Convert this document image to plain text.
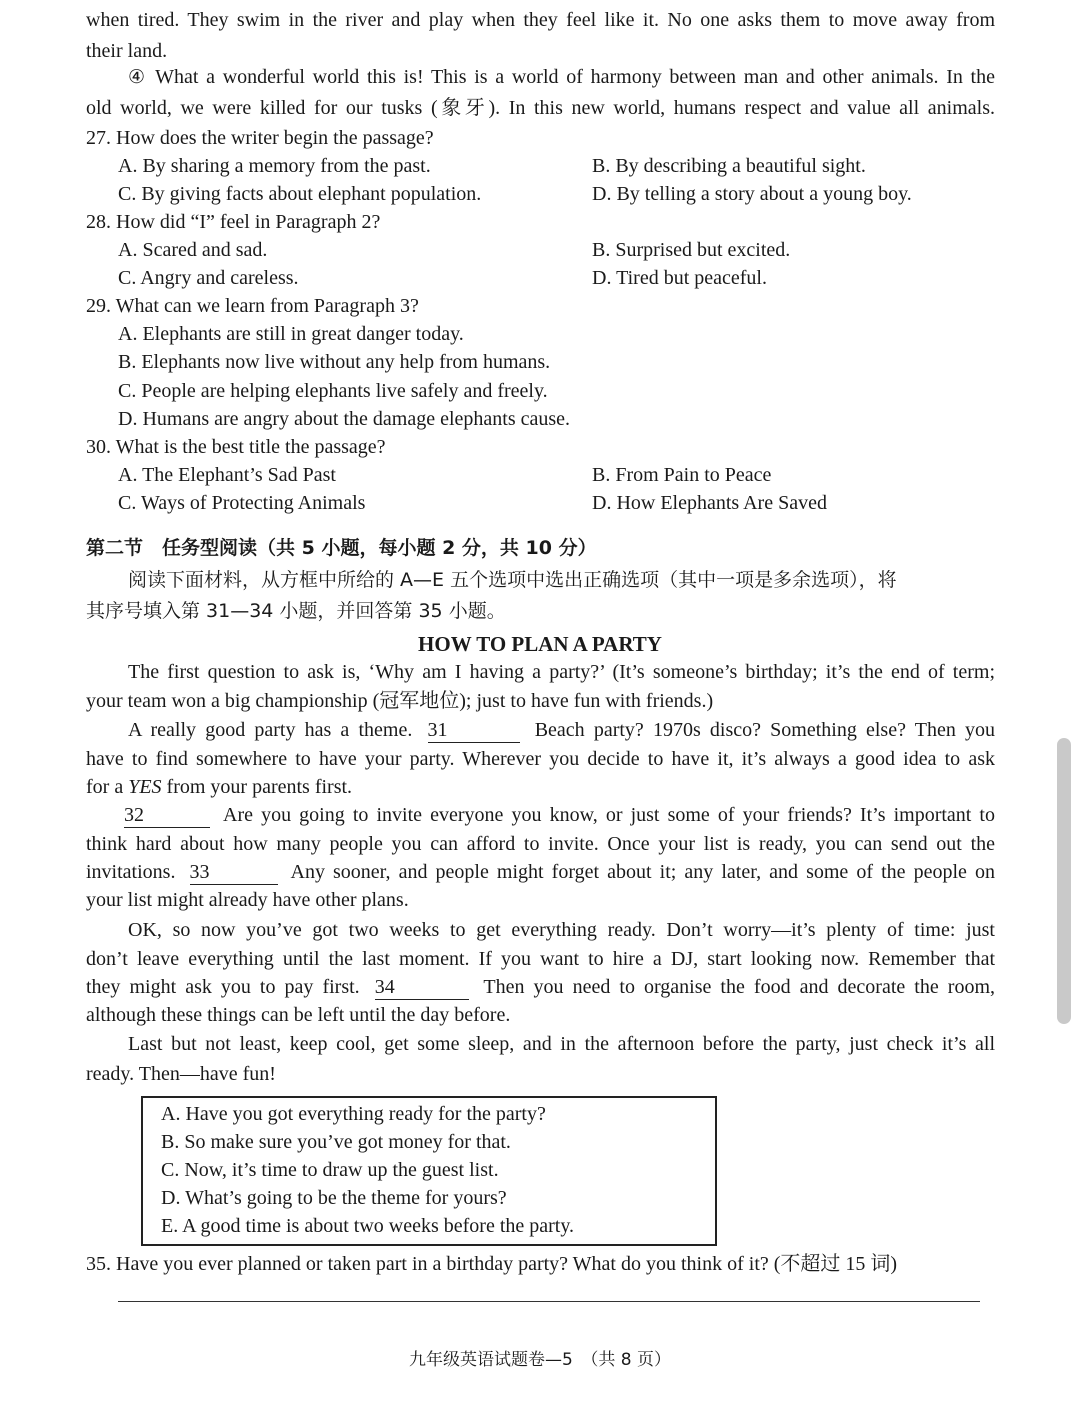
when tired. They swim in the river and play when they feel like it. No one asks them to move away from
their land.
④ What a wonderful world this is! This is a world of harmony between man and other animals. In the
old world, we were killed for our tusks (象牙). In this new world, humans respect and value all animals.
27. How does the writer begin the passage?
A. By sharing a memory from the past.	B. By describing a beautiful sight.
C. By giving facts about elephant population.	D. By telling a story about a young boy.
28. How did “I” feel in Paragraph 2?
A. Scared and sad.	B. Surprised but excited.
C. Angry and careless.	D. Tired but peaceful.
29. What can we learn from Paragraph 3?
A. Elephants are still in great danger today.
B. Elephants now live without any help from humans.
C. People are helping elephants live safely and freely.
D. Humans are angry about the damage elephants cause.
30. What is the best title the passage?
A. The Elephant’s Sad Past	B. From Pain to Peace
C. Ways of Protecting Animals	D. How Elephants Are Saved
第二节　任务型阅读（共 5 小题，每小题 2 分，共 10 分）
阅读下面材料，从方框中所给的 A—E 五个选项中选出正确选项（其中一项是多余选项），将
其序号填入第 31—34 小题，并回答第 35 小题。
HOW TO PLAN A PARTY
The first question to ask is, ‘Why am I having a party?’ (It’s someone’s birthday; it’s the end of term;
your team won a big championship (冠军地位); just to have fun with friends.)
A really good party has a theme. 31	Beach party? 1970s disco? Something else? Then you
have to find somewhere to have your party. Wherever you decide to have it, it’s always a good idea to ask
for a YES from your parents first.
32	Are you going to invite everyone you know, or just some of your friends? It’s important to
think hard about how many people you can afford to invite. Once your list is ready, you can send out the
invitations. 33	Any sooner, and people might forget about it; any later, and some of the people on
your list might already have other plans.
OK, so now you’ve got two weeks to get everything ready. Don’t worry—it’s plenty of time: just
don’t leave everything until the last moment. If you want to hire a DJ, start looking now. Remember that
they might ask you to pay first. 34	Then you need to organise the food and decorate the room,
although these things can be left until the day before.
Last but not least, keep cool, get some sleep, and in the afternoon before the party, just check it’s all
ready. Then—have fun!
A. Have you got everything ready for the party?
B. So make sure you’ve got money for that.
C. Now, it’s time to draw up the guest list.
D. What’s going to be the theme for yours?
E. A good time is about two weeks before the party.
35. Have you ever planned or taken part in a birthday party? What do you think of it? (不超过 15 词)
九年级英语试题卷—5　（共 8 页）
